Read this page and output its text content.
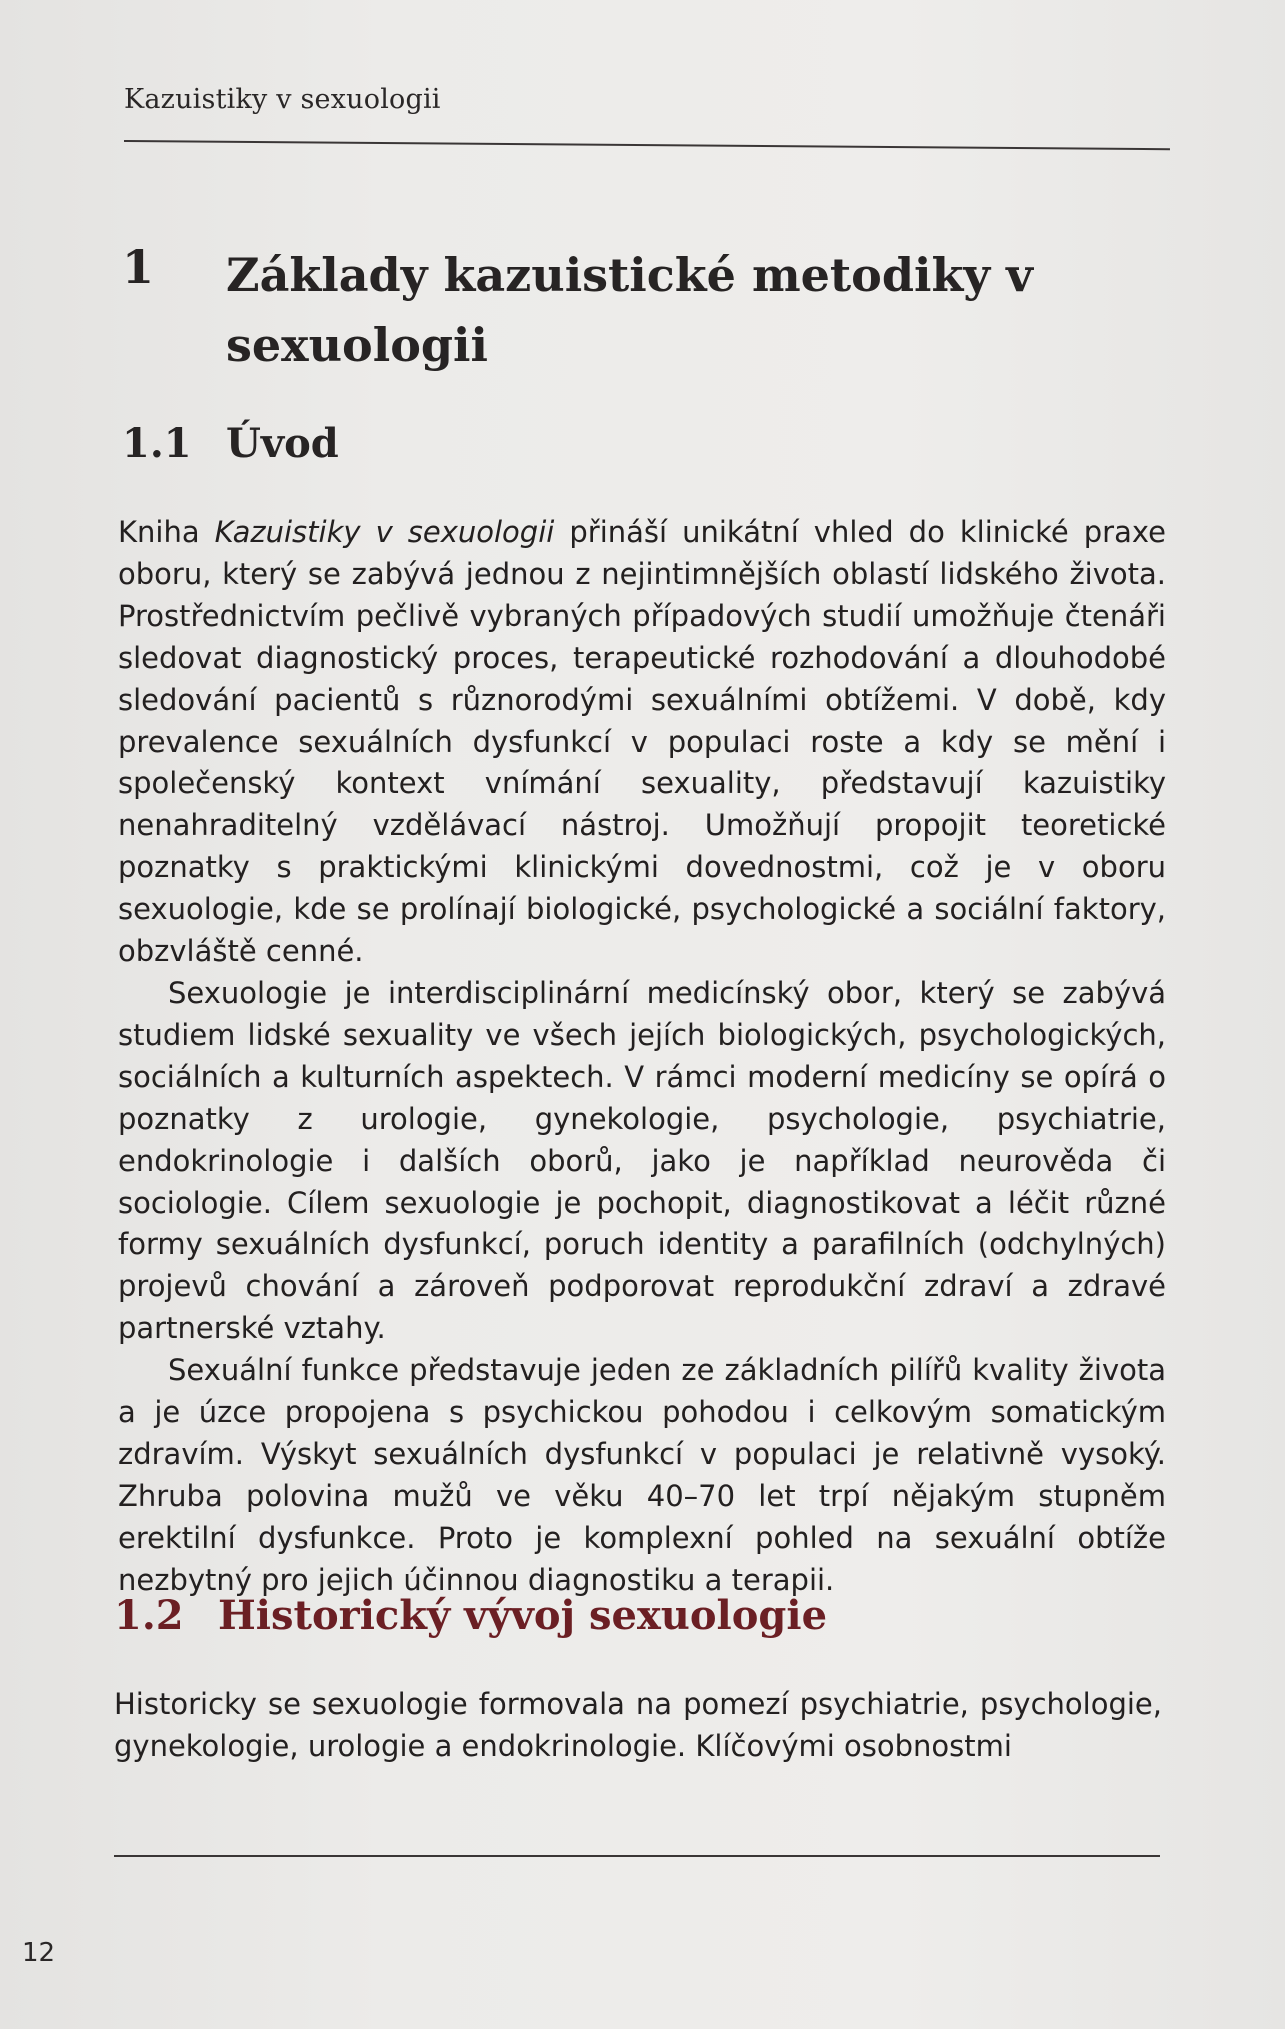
Kazuistiky v sexuologii
1 Základy kazuistické metodiky v sexuologii
1.1 Úvod

Kniha Kazuistiky v sexuologii přináší unikátní vhled do klinické praxe oboru, který se zabývá jednou z nejintimnějších oblastí lidského života. Prostřednictvím pečlivě vybraných případových studií umožňuje čtenáři sledovat diagnostický proces, terapeutické rozhodování a dlouhodobé sledování pacientů s různorodými sexuálními obtížemi. V době, kdy prevalence sexuálních dysfunkcí v populaci roste a kdy se mění i společenský kontext vnímání sexuality, představují kazuistiky nenahraditelný vzdělávací nástroj. Umožňují propojit teoretické poznatky s praktickými klinickými dovednostmi, což je v oboru sexuologie, kde se prolínají biologické, psychologické a sociální faktory, obzvláště cenné.

Sexuologie je interdisciplinární medicínský obor, který se zabývá studiem lidské sexuality ve všech jejích biologických, psychologických, sociálních a kulturních aspektech. V rámci moderní medicíny se opírá o poznatky z urologie, gynekologie, psychologie, psychiatrie, endokrinologie i dalších oborů, jako je například neurověda či sociologie. Cílem sexuologie je pochopit, diagnostikovat a léčit různé formy sexuálních dysfunkcí, poruch identity a parafilních (odchylných) projevů chování a zároveň podporovat reprodukční zdraví a zdravé partnerské vztahy.

Sexuální funkce představuje jeden ze základních pilířů kvality života a je úzce propojena s psychickou pohodou i celkovým somatickým zdravím. Výskyt sexuálních dysfunkcí v populaci je relativně vysoký. Zhruba polovina mužů ve věku 40–70 let trpí nějakým stupněm erektilní dysfunkce. Proto je komplexní pohled na sexuální obtíže nezbytný pro jejich účinnou diagnostiku a terapii.

1.2 Historický vývoj sexuologie

Historicky se sexuologie formovala na pomezí psychiatrie, psychologie, gynekologie, urologie a endokrinologie. Klíčovými osobnostmi

12
